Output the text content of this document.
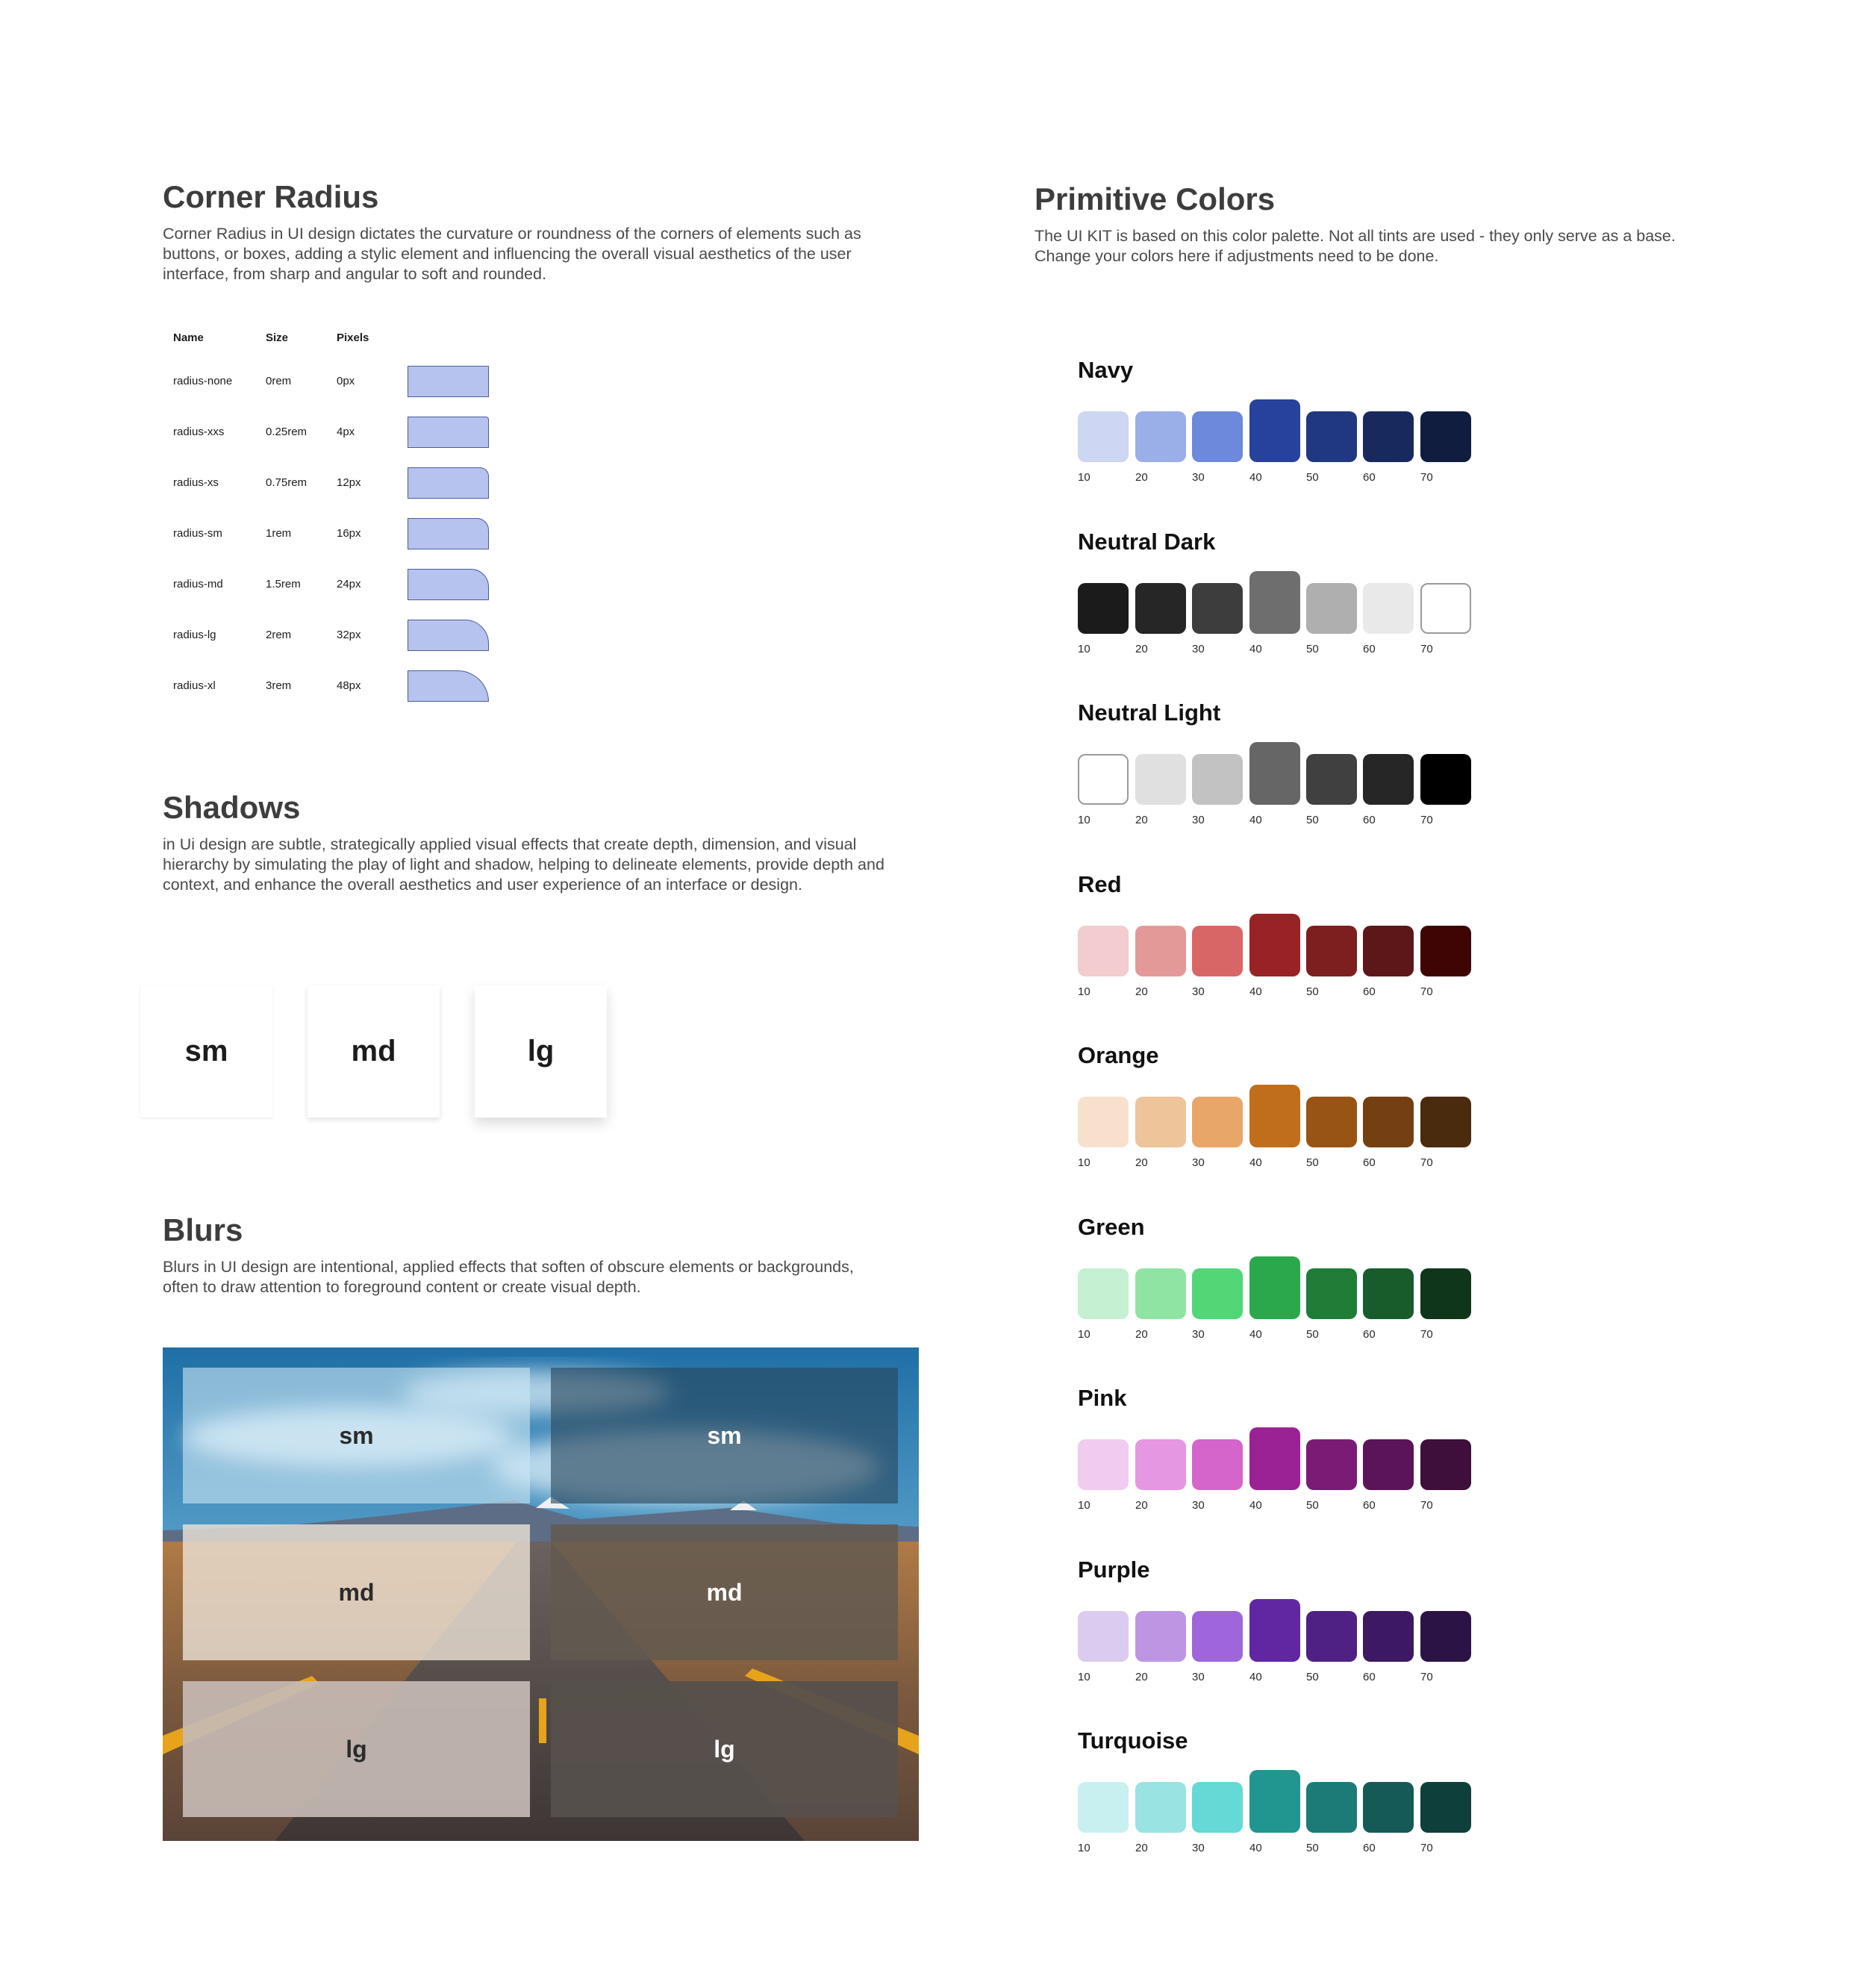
Corner Radius

Corner Radius in UI design dictates the curvature or roundness of the corners of elements such as buttons, or boxes, adding a stylic element and influencing the overall visual aesthetics of the user interface, from sharp and angular to soft and rounded.

Name	Size	Pixels
radius-none	0rem	0px
radius-xxs	0.25rem	4px
radius-xs	0.75rem	12px
radius-sm	1rem	16px
radius-md	1.5rem	24px
radius-lg	2rem	32px
radius-xl	3rem	48px
Shadows

in Ui design are subtle, strategically applied visual effects that create depth, dimension, and visual hierarchy by simulating the play of light and shadow, helping to delineate elements, provide depth and context, and enhance the overall aesthetics and user experience of an interface or design.

sm	md	lg
Blurs

Blurs in UI design are intentional, applied effects that soften of obscure elements or backgrounds, often to draw attention to foreground content or create visual depth.

sm
md
lg
sm
md
lg
Primitive Colors

The UI KIT is based on this color palette. Not all tints are used - they only serve as a base. Change your colors here if adjustments need to be done.

Navy
10	20	30	40	50	60	70
Neutral Dark
10	20	30	40	50	60	70
Neutral Light
10	20	30	40	50	60	70
Red
10	20	30	40	50	60	70
Orange
10	20	30	40	50	60	70
Green
10	20	30	40	50	60	70
Pink
10	20	30	40	50	60	70
Purple
10	20	30	40	50	60	70
Turquoise
10	20	30	40	50	60	70
